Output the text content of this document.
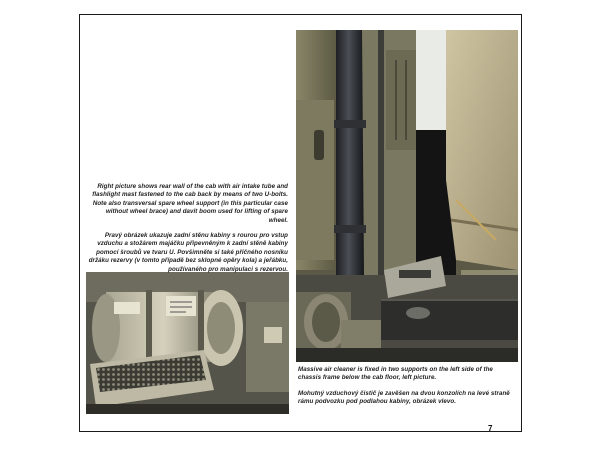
Right picture shows rear wall of the cab with air intake tube and flashlight mast fastened to the cab back by means of two U-bolts. Note also transversal spare wheel support (in this particular case without wheel brace) and davit boom used for lifting of spare wheel.

Pravý obrázek ukazuje zadní stěnu kabiny s rourou pro vstup vzduchu a stožárem majáčku připevněným k zadní stěně kabiny pomocí šroubů ve tvaru U. Povšimněte si také příčného nosníku držáku rezervy (v tomto případě bez sklopné opěry kola) a jeřábku, používaného pro manipulaci s rezervou.

Massive air cleaner is fixed in two supports on the left side of the chassis frame below the cab floor, left picture.

Mohutný vzduchový čistič je zavěšen na dvou konzolích na levé straně rámu podvozku pod podlahou kabiny, obrázek vlevo.

7
